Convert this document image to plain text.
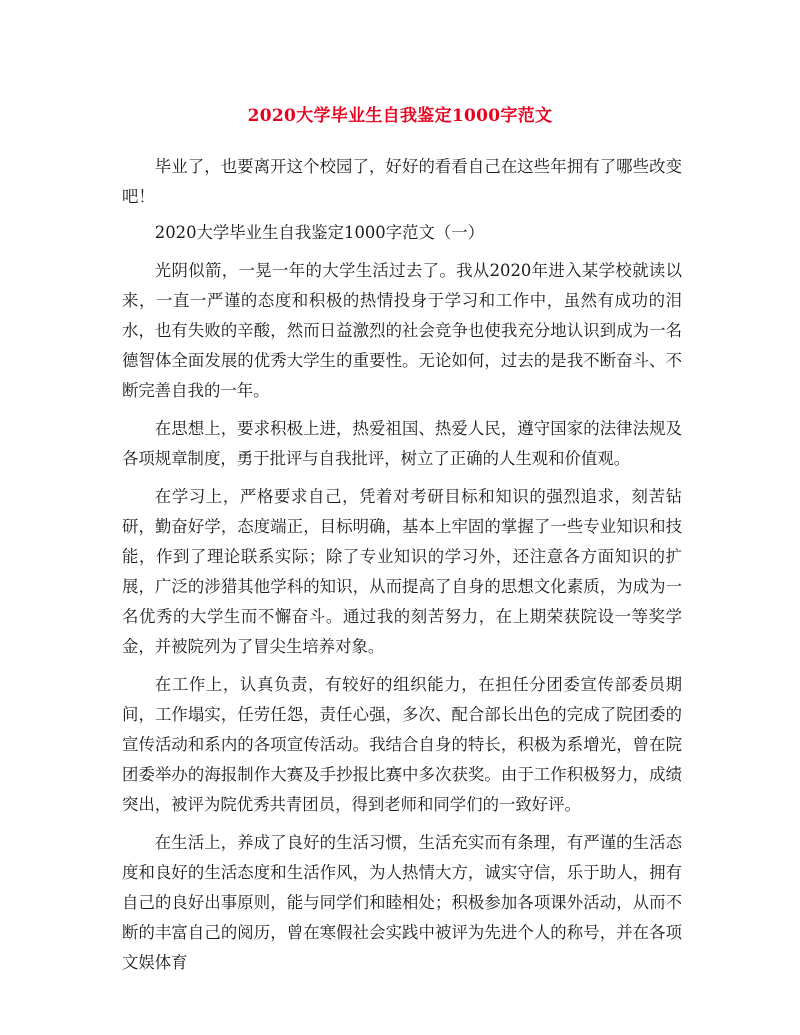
2020大学毕业生自我鉴定1000字范文

毕业了，也要离开这个校园了，好好的看看自己在这些年拥有了哪些改变吧！

2020大学毕业生自我鉴定1000字范文（一）

光阴似箭，一晃一年的大学生活过去了。我从2020年进入某学校就读以来，一直一严谨的态度和积极的热情投身于学习和工作中，虽然有成功的泪水，也有失败的辛酸，然而日益激烈的社会竞争也使我充分地认识到成为一名德智体全面发展的优秀大学生的重要性。无论如何，过去的是我不断奋斗、不断完善自我的一年。

在思想上，要求积极上进，热爱祖国、热爱人民，遵守国家的法律法规及各项规章制度，勇于批评与自我批评，树立了正确的人生观和价值观。

在学习上，严格要求自己，凭着对考研目标和知识的强烈追求，刻苦钻研，勤奋好学，态度端正，目标明确，基本上牢固的掌握了一些专业知识和技能，作到了理论联系实际；除了专业知识的学习外，还注意各方面知识的扩展，广泛的涉猎其他学科的知识，从而提高了自身的思想文化素质，为成为一名优秀的大学生而不懈奋斗。通过我的刻苦努力，在上期荣获院设一等奖学金，并被院列为了冒尖生培养对象。

在工作上，认真负责，有较好的组织能力，在担任分团委宣传部委员期间，工作塌实，任劳任怨，责任心强，多次、配合部长出色的完成了院团委的宣传活动和系内的各项宣传活动。我结合自身的特长，积极为系增光，曾在院团委举办的海报制作大赛及手抄报比赛中多次获奖。由于工作积极努力，成绩突出，被评为院优秀共青团员，得到老师和同学们的一致好评。

在生活上，养成了良好的生活习惯，生活充实而有条理，有严谨的生活态度和良好的生活态度和生活作风，为人热情大方，诚实守信，乐于助人，拥有自己的良好出事原则，能与同学们和睦相处；积极参加各项课外活动，从而不断的丰富自己的阅历，曾在寒假社会实践中被评为先进个人的称号，并在各项文娱体育
